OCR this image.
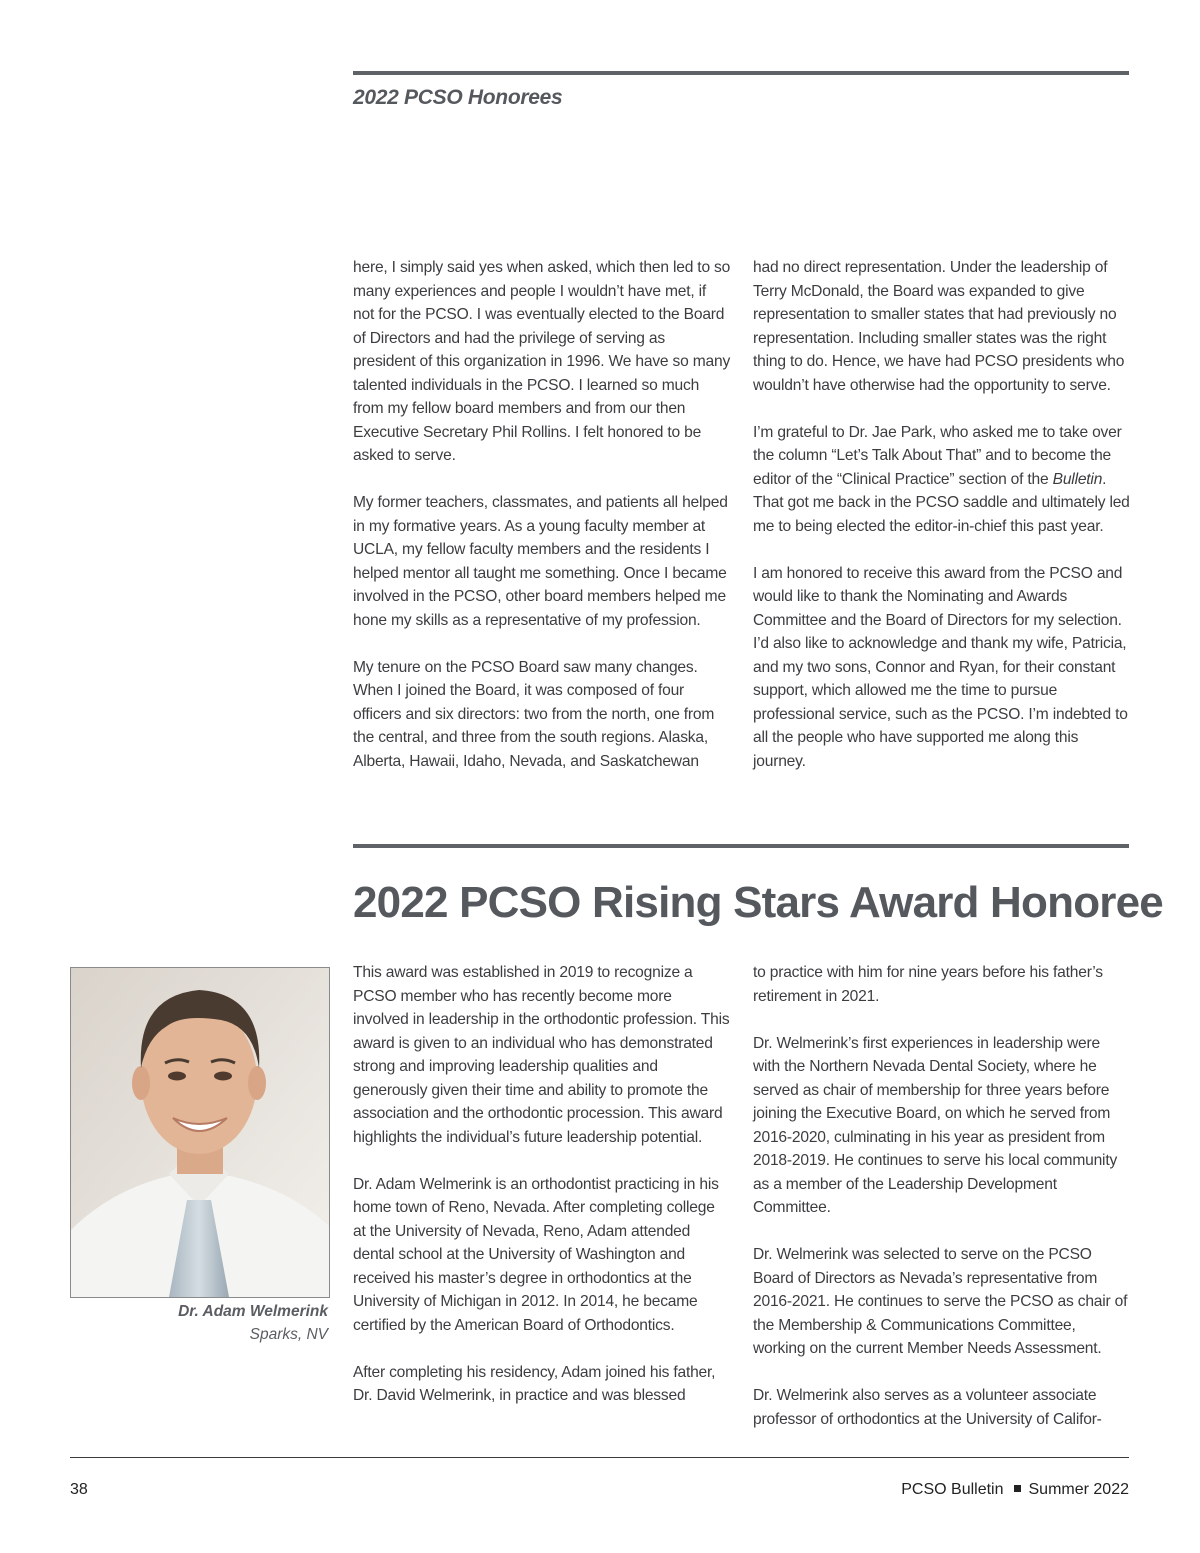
2022 PCSO Honorees

here, I simply said yes when asked, which then led to so many experiences and people I wouldn’t have met, if not for the PCSO. I was eventually elected to the Board of Directors and had the privilege of serving as president of this organization in 1996. We have so many talented individuals in the PCSO. I learned so much from my fellow board members and from our then Executive Secretary Phil Rollins. I felt honored to be asked to serve.

My former teachers, classmates, and patients all helped in my formative years. As a young faculty member at UCLA, my fellow faculty members and the residents I helped mentor all taught me something. Once I became involved in the PCSO, other board members helped me hone my skills as a representative of my profession.

My tenure on the PCSO Board saw many changes. When I joined the Board, it was composed of four officers and six directors: two from the north, one from the central, and three from the south regions. Alaska, Alberta, Hawaii, Idaho, Nevada, and Saskatchewan

had no direct representation. Under the leadership of Terry McDonald, the Board was expanded to give representation to smaller states that had previously no representation. Including smaller states was the right thing to do. Hence, we have had PCSO presidents who wouldn’t have otherwise had the opportunity to serve.

I’m grateful to Dr. Jae Park, who asked me to take over the column “Let’s Talk About That” and to become the editor of the “Clinical Practice” section of the Bulletin. That got me back in the PCSO saddle and ultimately led me to being elected the editor-in-chief this past year.

I am honored to receive this award from the PCSO and would like to thank the Nominating and Awards Committee and the Board of Directors for my selection. I’d also like to acknowledge and thank my wife, Patricia, and my two sons, Connor and Ryan, for their constant support, which allowed me the time to pursue professional service, such as the PCSO. I’m indebted to all the people who have supported me along this journey.

2022 PCSO Rising Stars Award Honoree
Dr. Adam Welmerink
Sparks, NV

This award was established in 2019 to recognize a PCSO member who has recently become more involved in leadership in the orthodontic profession. This award is given to an individual who has demonstrated strong and improving leadership qualities and generously given their time and ability to promote the association and the orthodontic procession. This award highlights the individual’s future leadership potential.

Dr. Adam Welmerink is an orthodontist practicing in his home town of Reno, Nevada. After completing college at the University of Nevada, Reno, Adam attended dental school at the University of Washington and received his master’s degree in orthodontics at the University of Michigan in 2012. In 2014, he became certified by the American Board of Orthodontics.

After completing his residency, Adam joined his father, Dr. David Welmerink, in practice and was blessed

to practice with him for nine years before his father’s retirement in 2021.

Dr. Welmerink’s first experiences in leadership were with the Northern Nevada Dental Society, where he served as chair of membership for three years before joining the Executive Board, on which he served from 2016-2020, culminating in his year as president from 2018-2019. He continues to serve his local community as a member of the Leadership Development Committee.

Dr. Welmerink was selected to serve on the PCSO Board of Directors as Nevada’s representative from 2016-2021. He continues to serve the PCSO as chair of the Membership & Communications Committee, working on the current Member Needs Assessment.

Dr. Welmerink also serves as a volunteer associate professor of orthodontics at the University of Califor-

38	PCSO Bulletin Summer 2022
